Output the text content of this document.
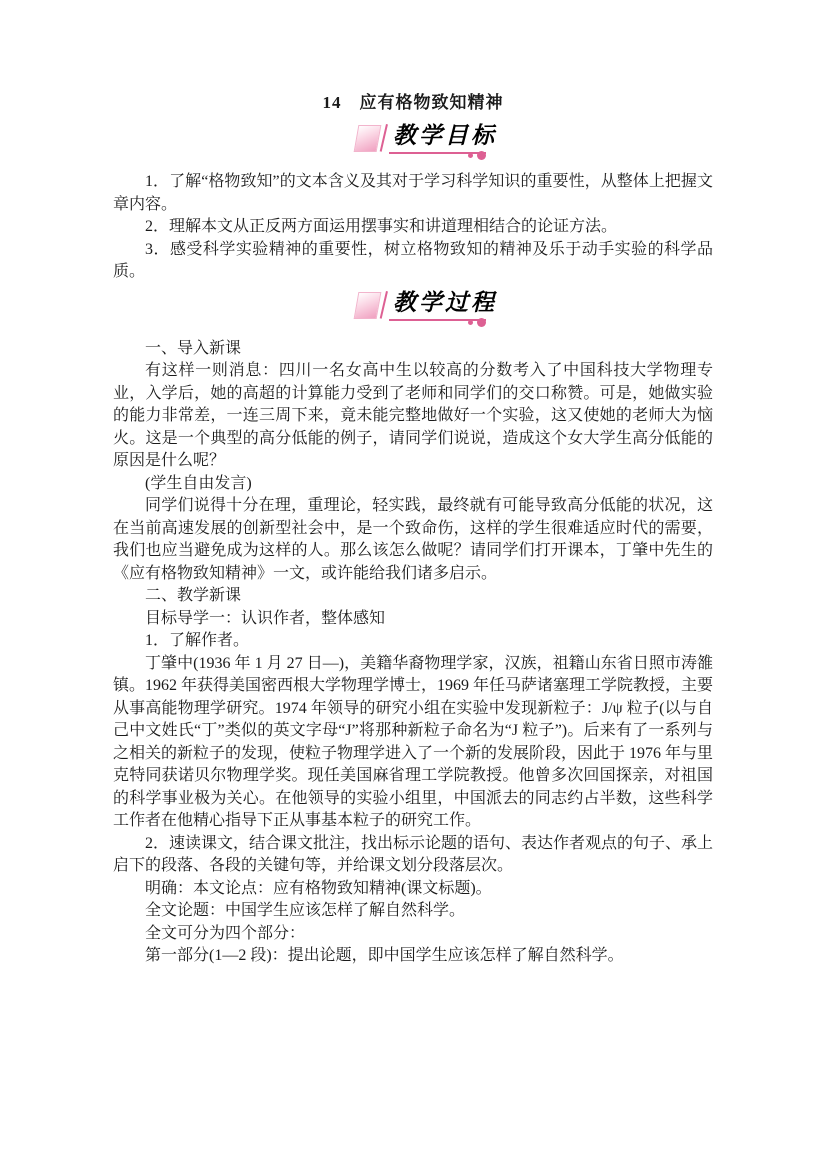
14　应有格物致知精神
教学目标

1．了解“格物致知”的文本含义及其对于学习科学知识的重要性，从整体上把握文章内容。

2．理解本文从正反两方面运用摆事实和讲道理相结合的论证方法。

3．感受科学实验精神的重要性，树立格物致知的精神及乐于动手实验的科学品质。

教学过程

一、导入新课

有这样一则消息：四川一名女高中生以较高的分数考入了中国科技大学物理专业，入学后，她的高超的计算能力受到了老师和同学们的交口称赞。可是，她做实验的能力非常差，一连三周下来，竟未能完整地做好一个实验，这又使她的老师大为恼火。这是一个典型的高分低能的例子，请同学们说说，造成这个女大学生高分低能的原因是什么呢？

(学生自由发言)

同学们说得十分在理，重理论，轻实践，最终就有可能导致高分低能的状况，这在当前高速发展的创新型社会中，是一个致命伤，这样的学生很难适应时代的需要，我们也应当避免成为这样的人。那么该怎么做呢？请同学们打开课本，丁肇中先生的《应有格物致知精神》一文，或许能给我们诸多启示。

二、教学新课

目标导学一：认识作者，整体感知

1．了解作者。

丁肇中(1936 年 1 月 27 日—)，美籍华裔物理学家，汉族，祖籍山东省日照市涛雒镇。1962 年获得美国密西根大学物理学博士，1969 年任马萨诸塞理工学院教授，主要从事高能物理学研究。1974 年领导的研究小组在实验中发现新粒子：J/ψ 粒子(以与自己中文姓氏“丁”类似的英文字母“J”将那种新粒子命名为“J 粒子”)。后来有了一系列与之相关的新粒子的发现，使粒子物理学进入了一个新的发展阶段，因此于 1976 年与里克特同获诺贝尔物理学奖。现任美国麻省理工学院教授。他曾多次回国探亲，对祖国的科学事业极为关心。在他领导的实验小组里，中国派去的同志约占半数，这些科学工作者在他精心指导下正从事基本粒子的研究工作。

2．速读课文，结合课文批注，找出标示论题的语句、表达作者观点的句子、承上启下的段落、各段的关键句等，并给课文划分段落层次。

明确：本文论点：应有格物致知精神(课文标题)。

全文论题：中国学生应该怎样了解自然科学。

全文可分为四个部分：

第一部分(1—2 段)：提出论题，即中国学生应该怎样了解自然科学。
